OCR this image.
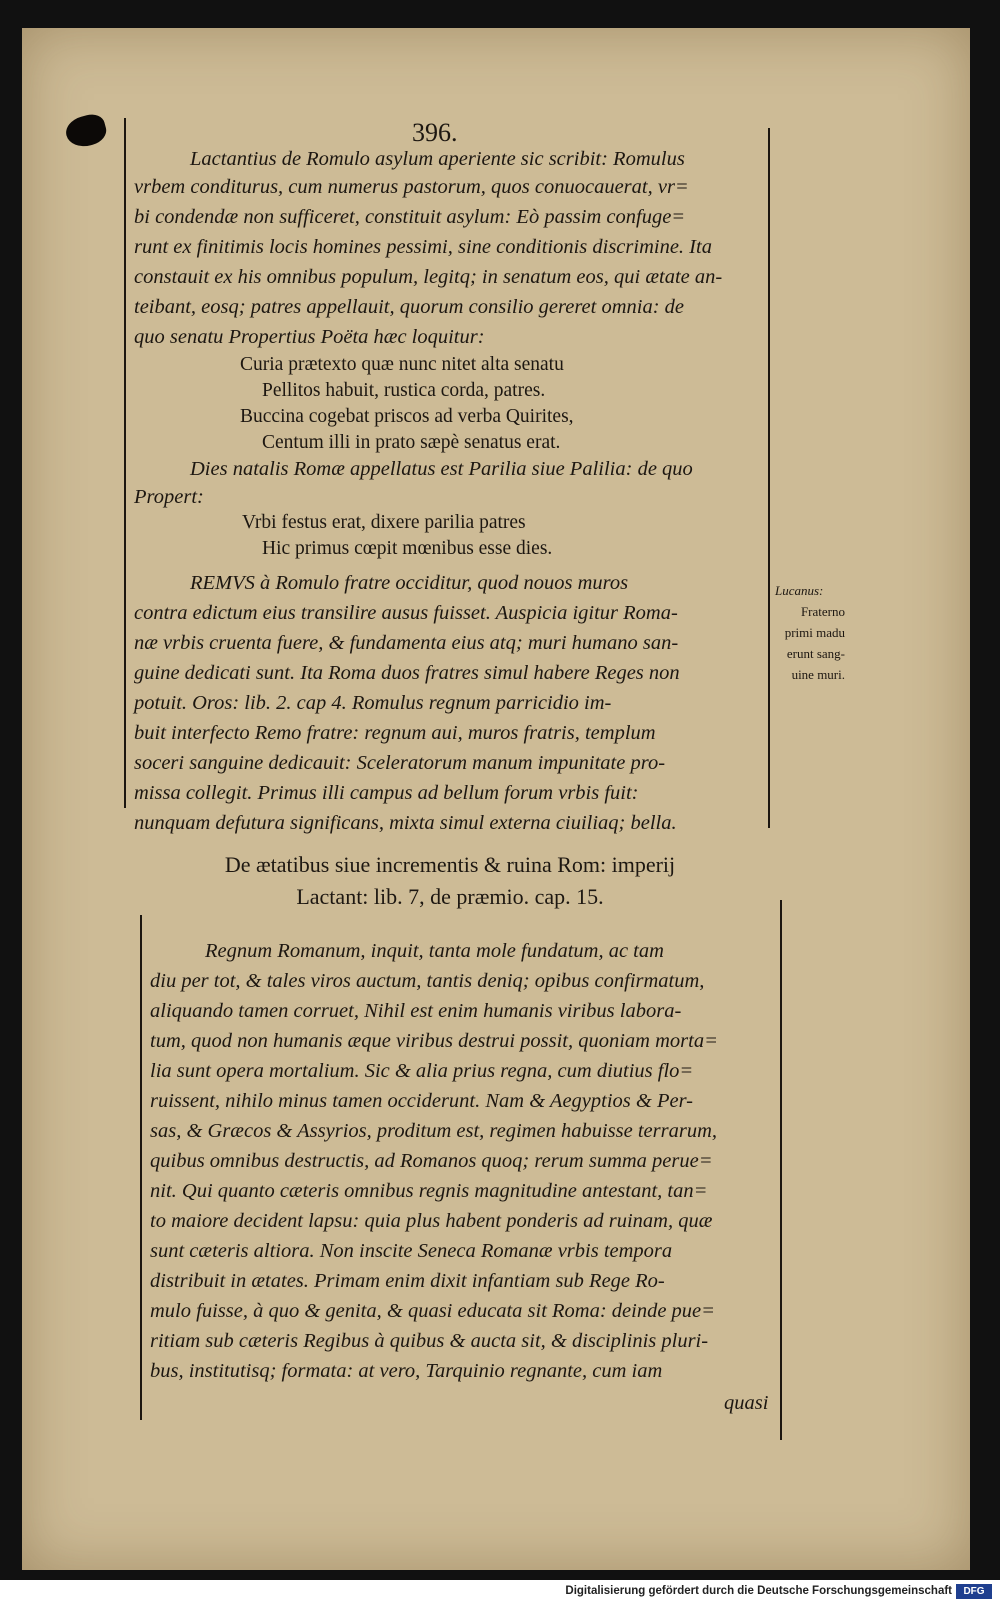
396.
Lactantius de Romulo asylum aperiente sic scribit: Romulus
vrbem conditurus, cum numerus pastorum, quos conuocauerat, vr=
bi condendæ non sufficeret, constituit asylum: Eò passim confuge=
runt ex finitimis locis homines pessimi, sine conditionis discrimine. Ita
constauit ex his omnibus populum, legitq; in senatum eos, qui ætate an-
teibant, eosq; patres appellauit, quorum consilio gereret omnia: de
quo senatu Propertius Poëta hæc loquitur:
Curia prætexto quæ nunc nitet alta senatu
Pellitos habuit, rustica corda, patres.
Buccina cogebat priscos ad verba Quirites,
Centum illi in prato sæpè senatus erat.
Dies natalis Romæ appellatus est Parilia siue Palilia: de quo
Propert:
Vrbi festus erat, dixere parilia patres
Hic primus cœpit mœnibus esse dies.
REMVS à Romulo fratre occiditur, quod nouos muros
contra edictum eius transilire ausus fuisset. Auspicia igitur Roma-
næ vrbis cruenta fuere, & fundamenta eius atq; muri humano san-
guine dedicati sunt. Ita Roma duos fratres simul habere Reges non
potuit. Oros: lib. 2. cap 4. Romulus regnum parricidio im-
buit interfecto Remo fratre: regnum aui, muros fratris, templum
soceri sanguine dedicauit: Sceleratorum manum impunitate pro-
missa collegit. Primus illi campus ad bellum forum vrbis fuit:
nunquam defutura significans, mixta simul externa ciuiliaq; bella.
Lucanus:
Fraterno
primi madu
erunt sang-
uine muri.
De ætatibus siue incrementis & ruina Rom: imperij
Lactant: lib. 7, de præmio. cap. 15.
Regnum Romanum, inquit, tanta mole fundatum, ac tam
diu per tot, & tales viros auctum, tantis deniq; opibus confirmatum,
aliquando tamen corruet, Nihil est enim humanis viribus labora-
tum, quod non humanis æque viribus destrui possit, quoniam morta=
lia sunt opera mortalium. Sic & alia prius regna, cum diutius flo=
ruissent, nihilo minus tamen occiderunt. Nam & Aegyptios & Per-
sas, & Græcos & Assyrios, proditum est, regimen habuisse terrarum,
quibus omnibus destructis, ad Romanos quoq; rerum summa perue=
nit. Qui quanto cæteris omnibus regnis magnitudine antestant, tan=
to maiore decident lapsu: quia plus habent ponderis ad ruinam, quæ
sunt cæteris altiora. Non inscite Seneca Romanæ vrbis tempora
distribuit in ætates. Primam enim dixit infantiam sub Rege Ro-
mulo fuisse, à quo & genita, & quasi educata sit Roma: deinde pue=
ritiam sub cæteris Regibus à quibus & aucta sit, & disciplinis pluri-
bus, institutisq; formata: at vero, Tarquinio regnante, cum iam
quasi
Digitalisierung gefördert durch die Deutsche Forschungsgemeinschaft	DFG
